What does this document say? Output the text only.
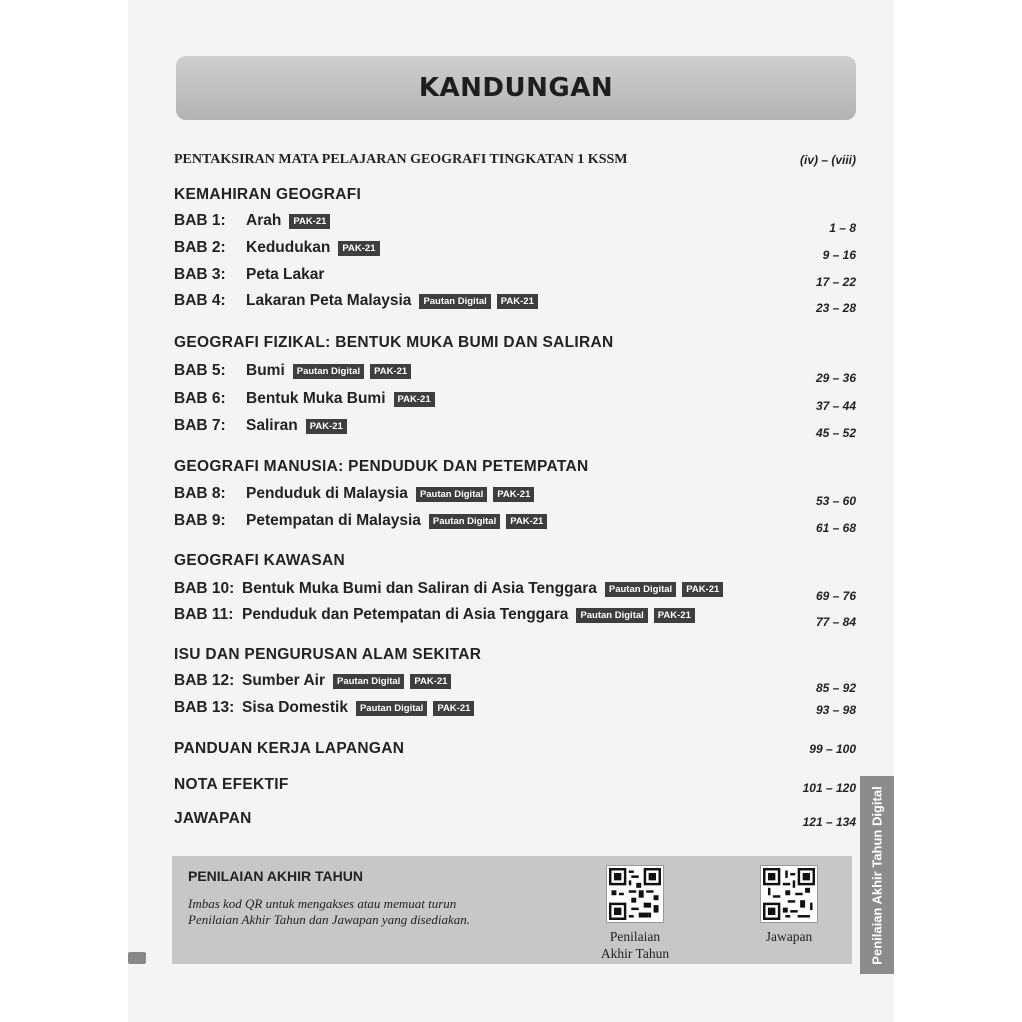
KANDUNGAN
PENTAKSIRAN MATA PELAJARAN GEOGRAFI TINGKATAN 1 KSSM	(iv) – (viii)
KEMAHIRAN GEOGRAFI
BAB 1: Arah	PAK-21	1 – 8
BAB 2: Kedudukan	PAK-21	9 – 16
BAB 3: Peta Lakar	17 – 22
BAB 4: Lakaran Peta Malaysia	Pautan Digital	PAK-21	23 – 28
GEOGRAFI FIZIKAL: BENTUK MUKA BUMI DAN SALIRAN
BAB 5: Bumi	Pautan Digital	PAK-21	29 – 36
BAB 6: Bentuk Muka Bumi	PAK-21	37 – 44
BAB 7: Saliran	PAK-21	45 – 52
GEOGRAFI MANUSIA: PENDUDUK DAN PETEMPATAN
BAB 8: Penduduk di Malaysia	Pautan Digital	PAK-21	53 – 60
BAB 9: Petempatan di Malaysia	Pautan Digital	PAK-21	61 – 68
GEOGRAFI KAWASAN
BAB 10: Bentuk Muka Bumi dan Saliran di Asia Tenggara	Pautan Digital	PAK-21	69 – 76
BAB 11: Penduduk dan Petempatan di Asia Tenggara	Pautan Digital	PAK-21	77 – 84
ISU DAN PENGURUSAN ALAM SEKITAR
BAB 12: Sumber Air	Pautan Digital	PAK-21	85 – 92
BAB 13: Sisa Domestik	Pautan Digital	PAK-21	93 – 98
PANDUAN KERJA LAPANGAN	99 – 100
NOTA EFEKTIF	101 – 120
JAWAPAN	121 – 134
PENILAIAN AKHIR TAHUN
Imbas kod QR untuk mengakses atau memuat turun Penilaian Akhir Tahun dan Jawapan yang disediakan.
Penilaian
Akhir Tahun
Jawapan	Penilaian Akhir Tahun Digital
